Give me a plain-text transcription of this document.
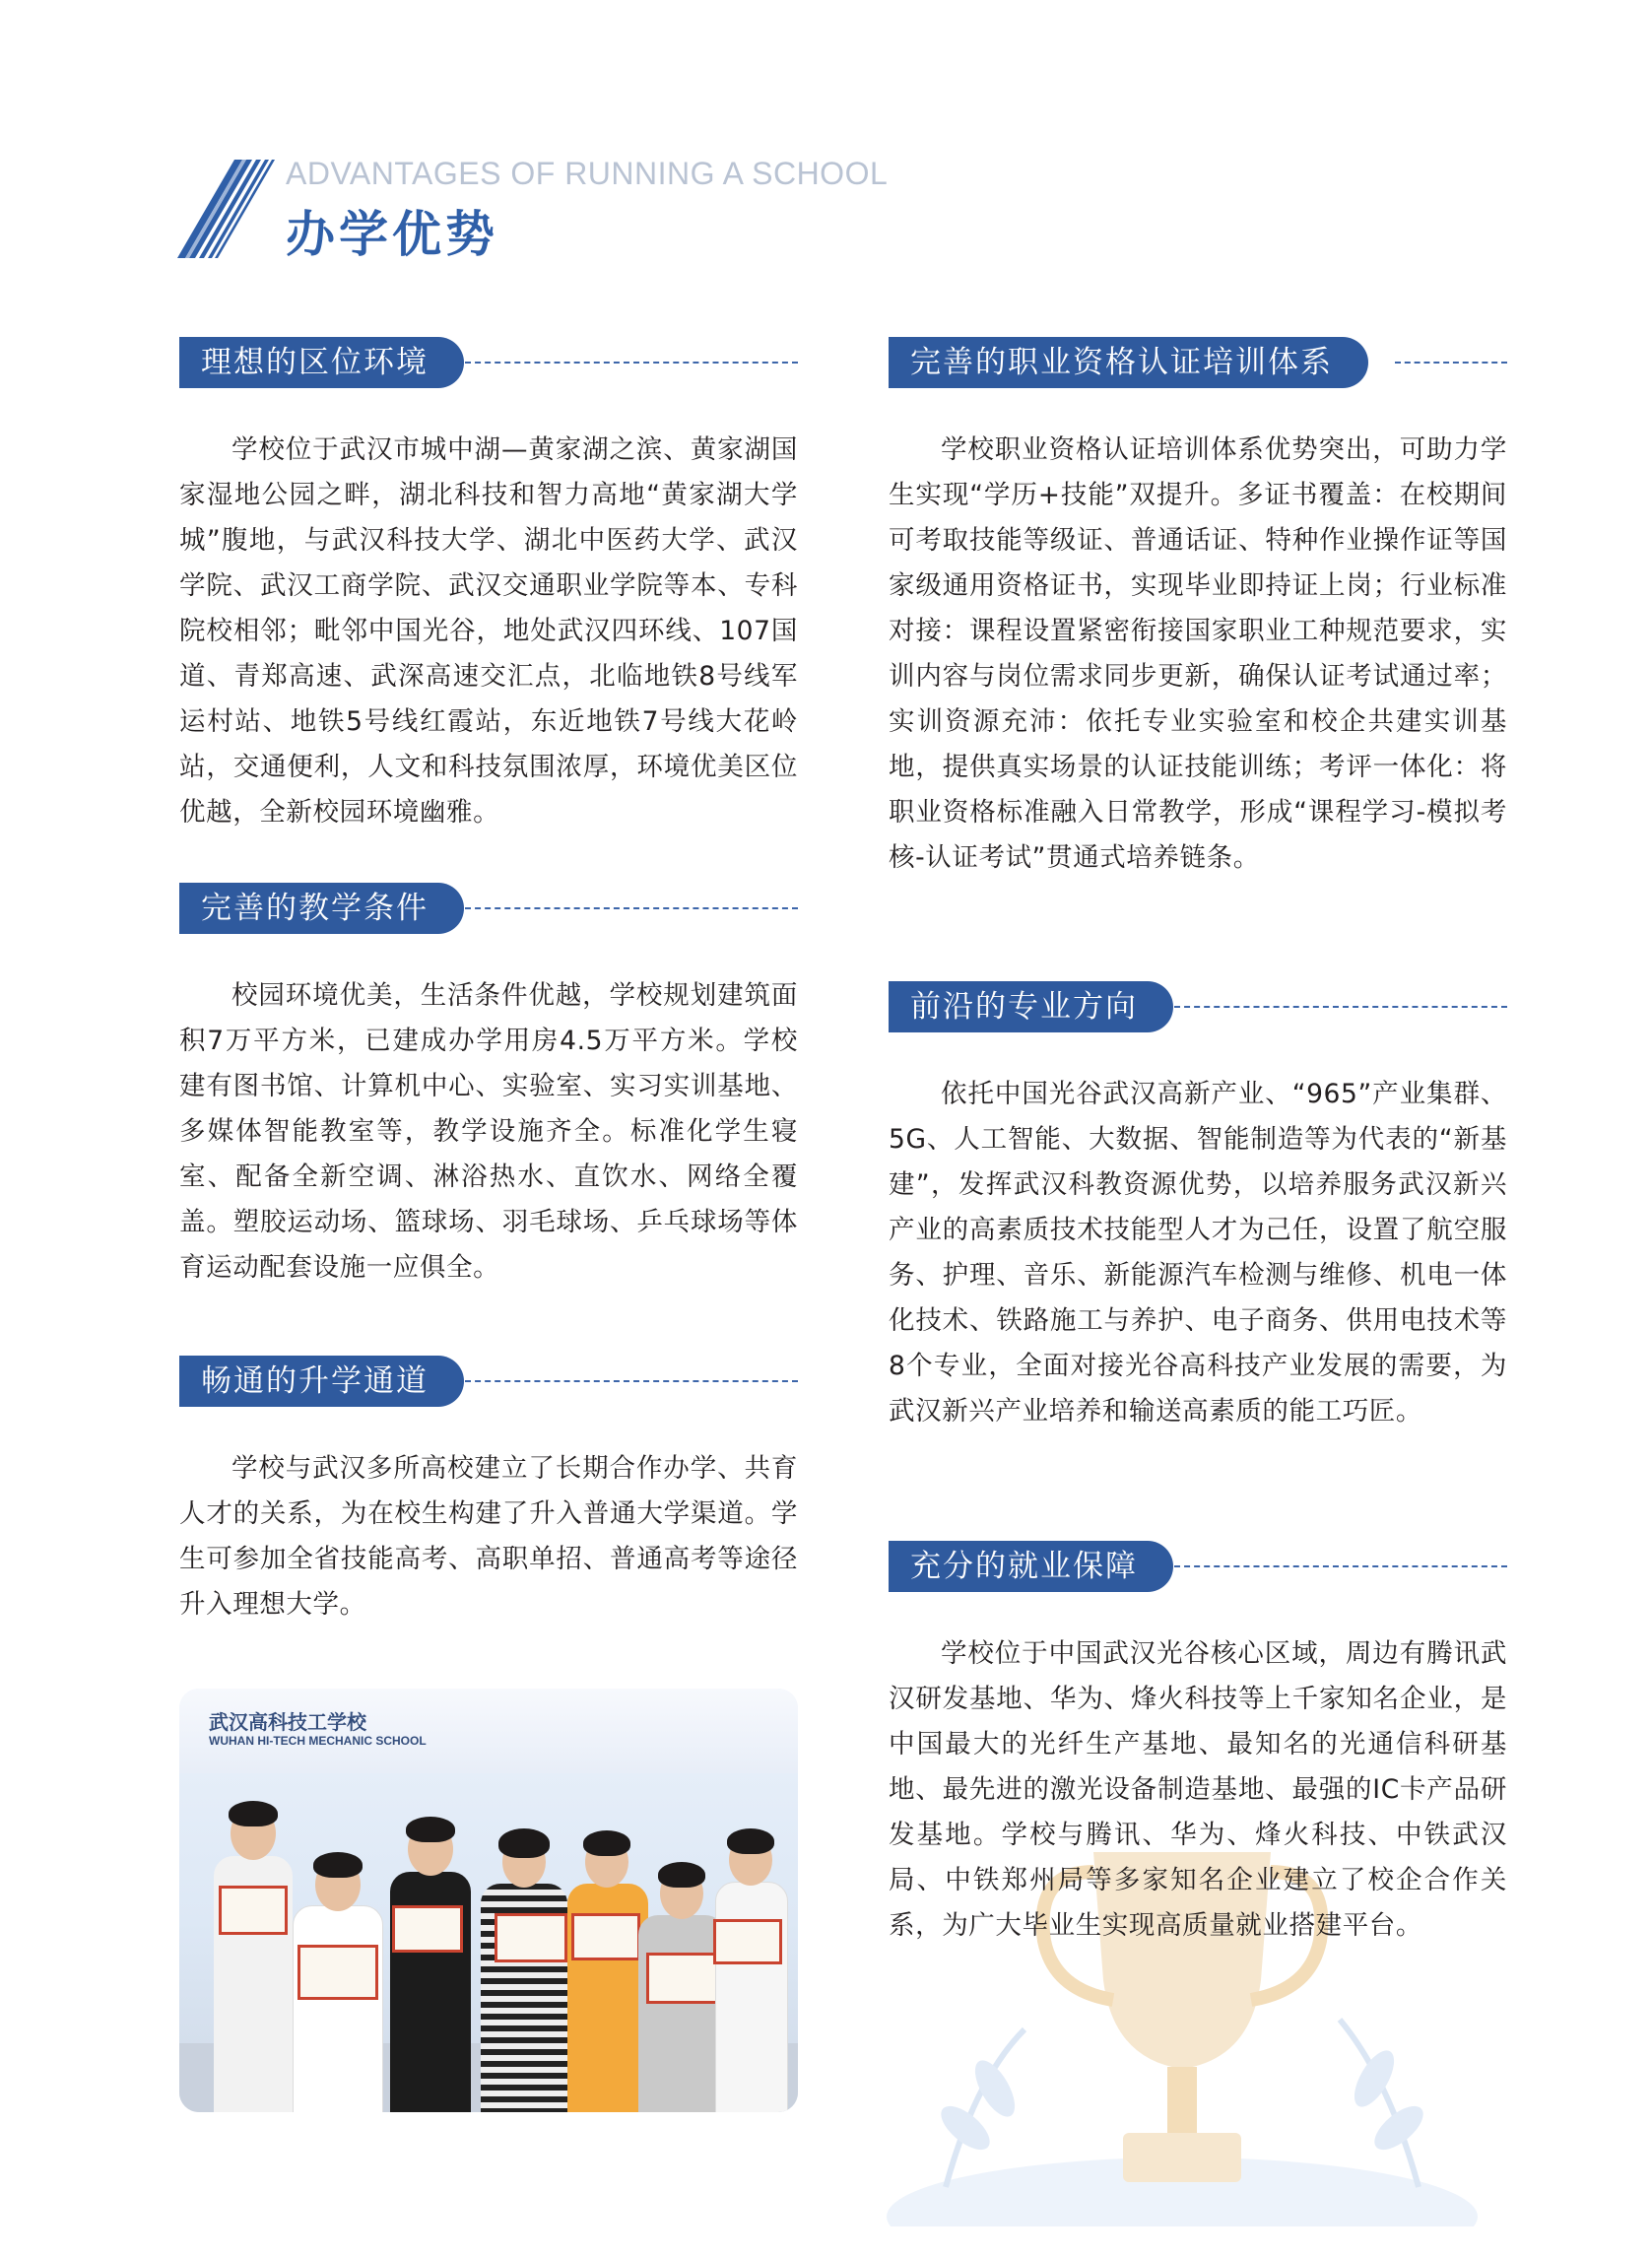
ADVANTAGES OF RUNNING A SCHOOL
办学优势
理想的区位环境
学校位于武汉市城中湖—黄家湖之滨、黄家湖国家湿地公园之畔，湖北科技和智力高地“黄家湖大学城”腹地，与武汉科技大学、湖北中医药大学、武汉学院、武汉工商学院、武汉交通职业学院等本、专科院校相邻；毗邻中国光谷，地处武汉四环线、107国道、青郑高速、武深高速交汇点，北临地铁8号线军运村站、地铁5号线红霞站，东近地铁7号线大花岭站，交通便利，人文和科技氛围浓厚，环境优美区位优越，全新校园环境幽雅。
完善的教学条件
校园环境优美，生活条件优越，学校规划建筑面积7万平方米，已建成办学用房4.5万平方米。学校建有图书馆、计算机中心、实验室、实习实训基地、多媒体智能教室等，教学设施齐全。标准化学生寝室、配备全新空调、淋浴热水、直饮水、网络全覆盖。塑胶运动场、篮球场、羽毛球场、乒乓球场等体育运动配套设施一应俱全。
畅通的升学通道
学校与武汉多所高校建立了长期合作办学、共育人才的关系，为在校生构建了升入普通大学渠道。学生可参加全省技能高考、高职单招、普通高考等途径升入理想大学。
武汉高科技工学校
WUHAN HI-TECH MECHANIC SCHOOL
完善的职业资格认证培训体系
学校职业资格认证培训体系优势突出，可助力学生实现“学历+技能”双提升。多证书覆盖：在校期间可考取技能等级证、普通话证、特种作业操作证等国家级通用资格证书，实现毕业即持证上岗；行业标准对接：课程设置紧密衔接国家职业工种规范要求，实训内容与岗位需求同步更新，确保认证考试通过率；实训资源充沛：依托专业实验室和校企共建实训基地，提供真实场景的认证技能训练；考评一体化：将职业资格标准融入日常教学，形成“课程学习-模拟考核-认证考试”贯通式培养链条。
前沿的专业方向
依托中国光谷武汉高新产业、“965”产业集群、5G、人工智能、大数据、智能制造等为代表的“新基建”，发挥武汉科教资源优势，以培养服务武汉新兴产业的高素质技术技能型人才为己任，设置了航空服务、护理、音乐、新能源汽车检测与维修、机电一体化技术、铁路施工与养护、电子商务、供用电技术等8个专业，全面对接光谷高科技产业发展的需要，为武汉新兴产业培养和输送高素质的能工巧匠。
充分的就业保障
学校位于中国武汉光谷核心区域，周边有腾讯武汉研发基地、华为、烽火科技等上千家知名企业，是中国最大的光纤生产基地、最知名的光通信科研基地、最先进的激光设备制造基地、最强的IC卡产品研发基地。学校与腾讯、华为、烽火科技、中铁武汉局、中铁郑州局等多家知名企业建立了校企合作关系，为广大毕业生实现高质量就业搭建平台。
